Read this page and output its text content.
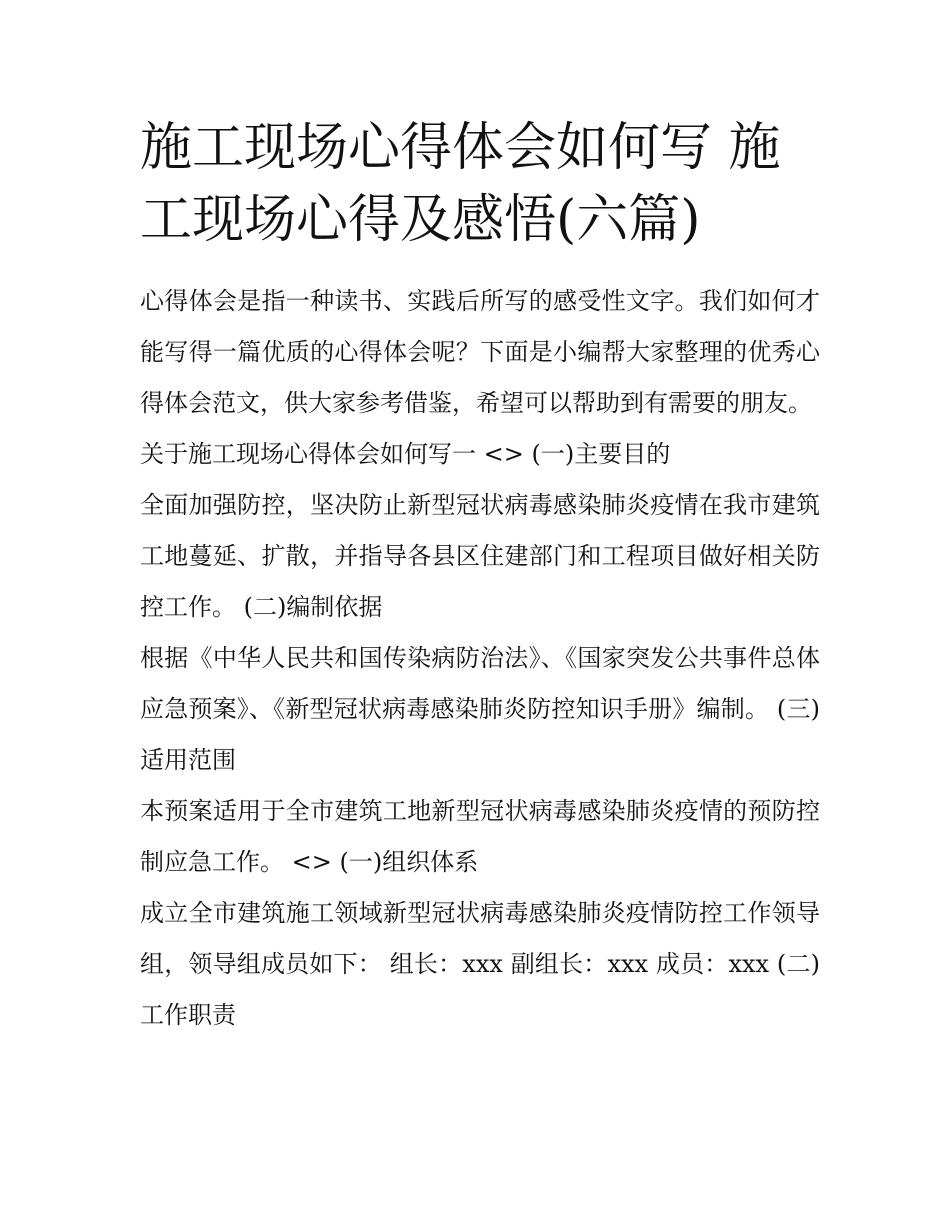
施工现场心得体会如何写 施工现场心得及感悟(六篇)

心得体会是指一种读书、实践后所写的感受性文字。我们如何才能写得一篇优质的心得体会呢？下面是小编帮大家整理的优秀心得体会范文，供大家参考借鉴，希望可以帮助到有需要的朋友。

关于施工现场心得体会如何写一 <> (一)主要目的

全面加强防控，坚决防止新型冠状病毒感染肺炎疫情在我市建筑工地蔓延、扩散，并指导各县区住建部门和工程项目做好相关防控工作。 (二)编制依据

根据《中华人民共和国传染病防治法》、《国家突发公共事件总体应急预案》、《新型冠状病毒感染肺炎防控知识手册》编制。 (三)适用范围

本预案适用于全市建筑工地新型冠状病毒感染肺炎疫情的预防控制应急工作。 <> (一)组织体系

成立全市建筑施工领域新型冠状病毒感染肺炎疫情防控工作领导组，领导组成员如下： 组长：xxx 副组长：xxx 成员：xxx (二)工作职责
